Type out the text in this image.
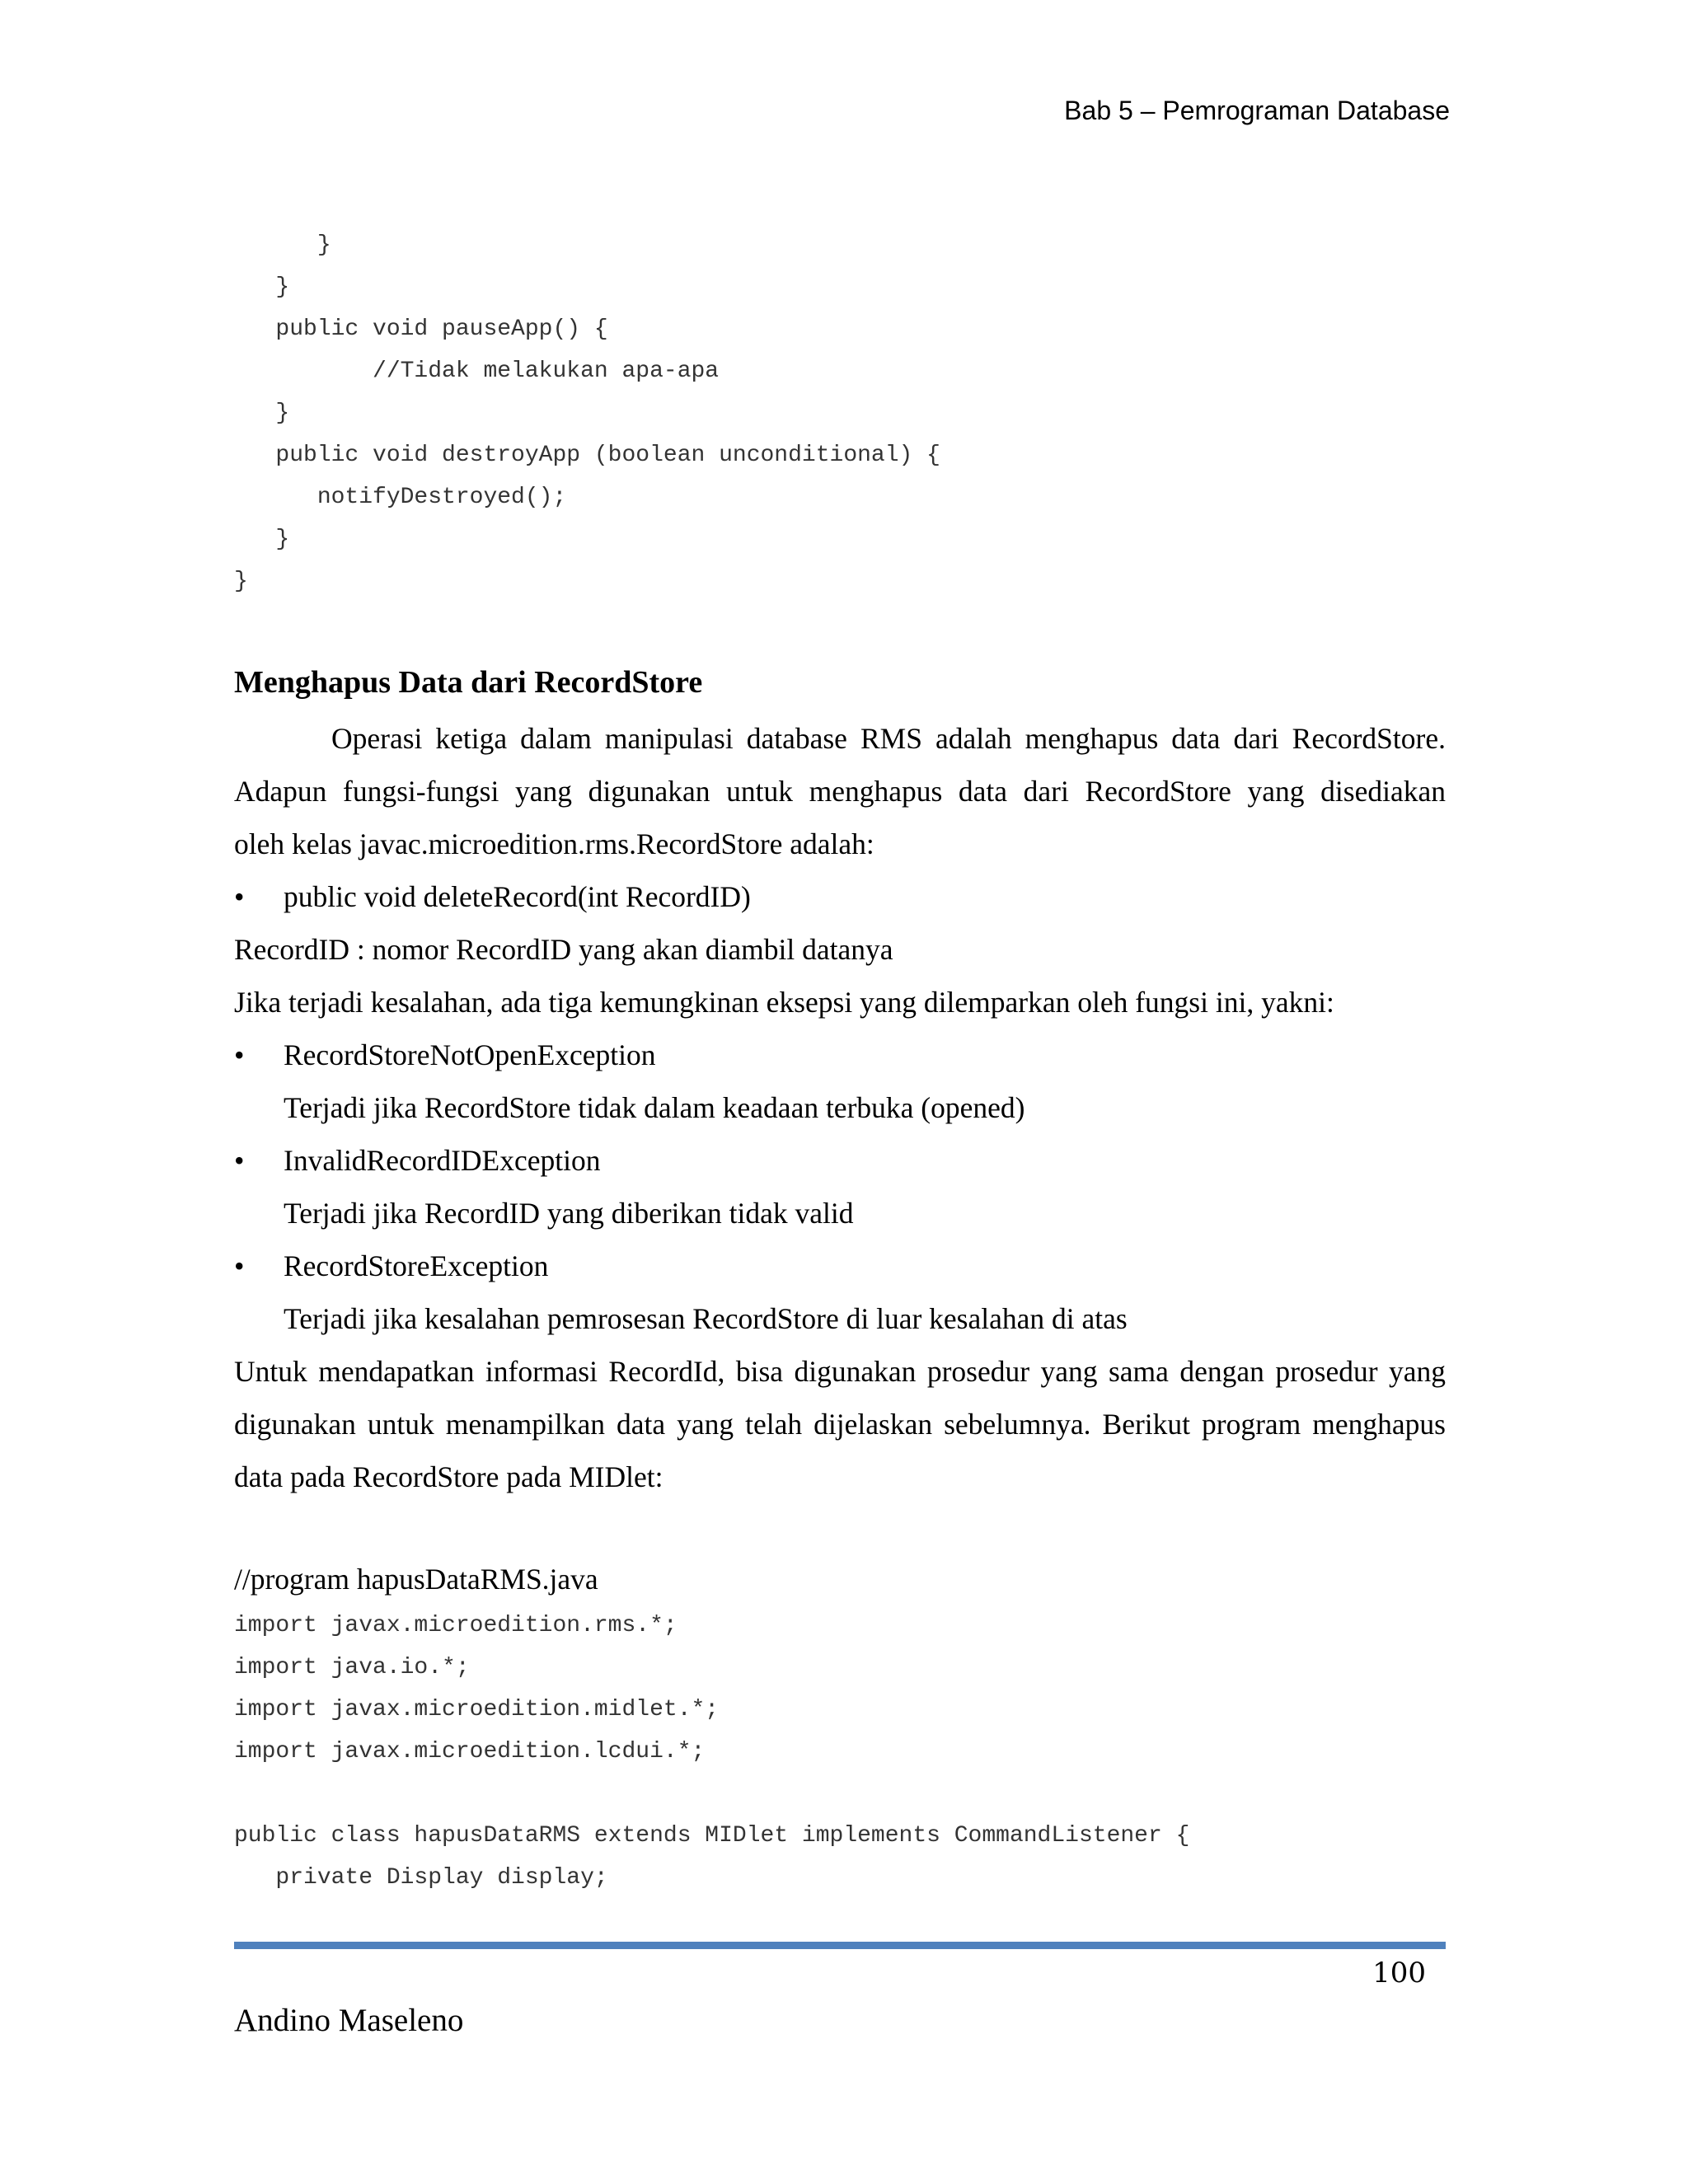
Bab 5 – Pemrograman Database
}
}
public void pauseApp() {
//Tidak melakukan apa-apa
}
public void destroyApp (boolean unconditional) {
notifyDestroyed();
}
}
Menghapus Data dari RecordStore
Operasi ketiga dalam manipulasi database RMS adalah menghapus data dari RecordStore.
Adapun fungsi-fungsi yang digunakan untuk menghapus data dari RecordStore yang disediakan
oleh kelas javac.microedition.rms.RecordStore adalah:
• public void deleteRecord(int RecordID)
RecordID : nomor RecordID yang akan diambil datanya
Jika terjadi kesalahan, ada tiga kemungkinan eksepsi yang dilemparkan oleh fungsi ini, yakni:
• RecordStoreNotOpenException
Terjadi jika RecordStore tidak dalam keadaan terbuka (opened)
• InvalidRecordIDException
Terjadi jika RecordID yang diberikan tidak valid
• RecordStoreException
Terjadi jika kesalahan pemrosesan RecordStore di luar kesalahan di atas
Untuk mendapatkan informasi RecordId, bisa digunakan prosedur yang sama dengan prosedur yang
digunakan untuk menampilkan data yang telah dijelaskan sebelumnya. Berikut program menghapus
data pada RecordStore pada MIDlet:
//program hapusDataRMS.java
import javax.microedition.rms.*;
import java.io.*;
import javax.microedition.midlet.*;
import javax.microedition.lcdui.*;
public class hapusDataRMS extends MIDlet implements CommandListener {
private Display display;
100
Andino Maseleno
